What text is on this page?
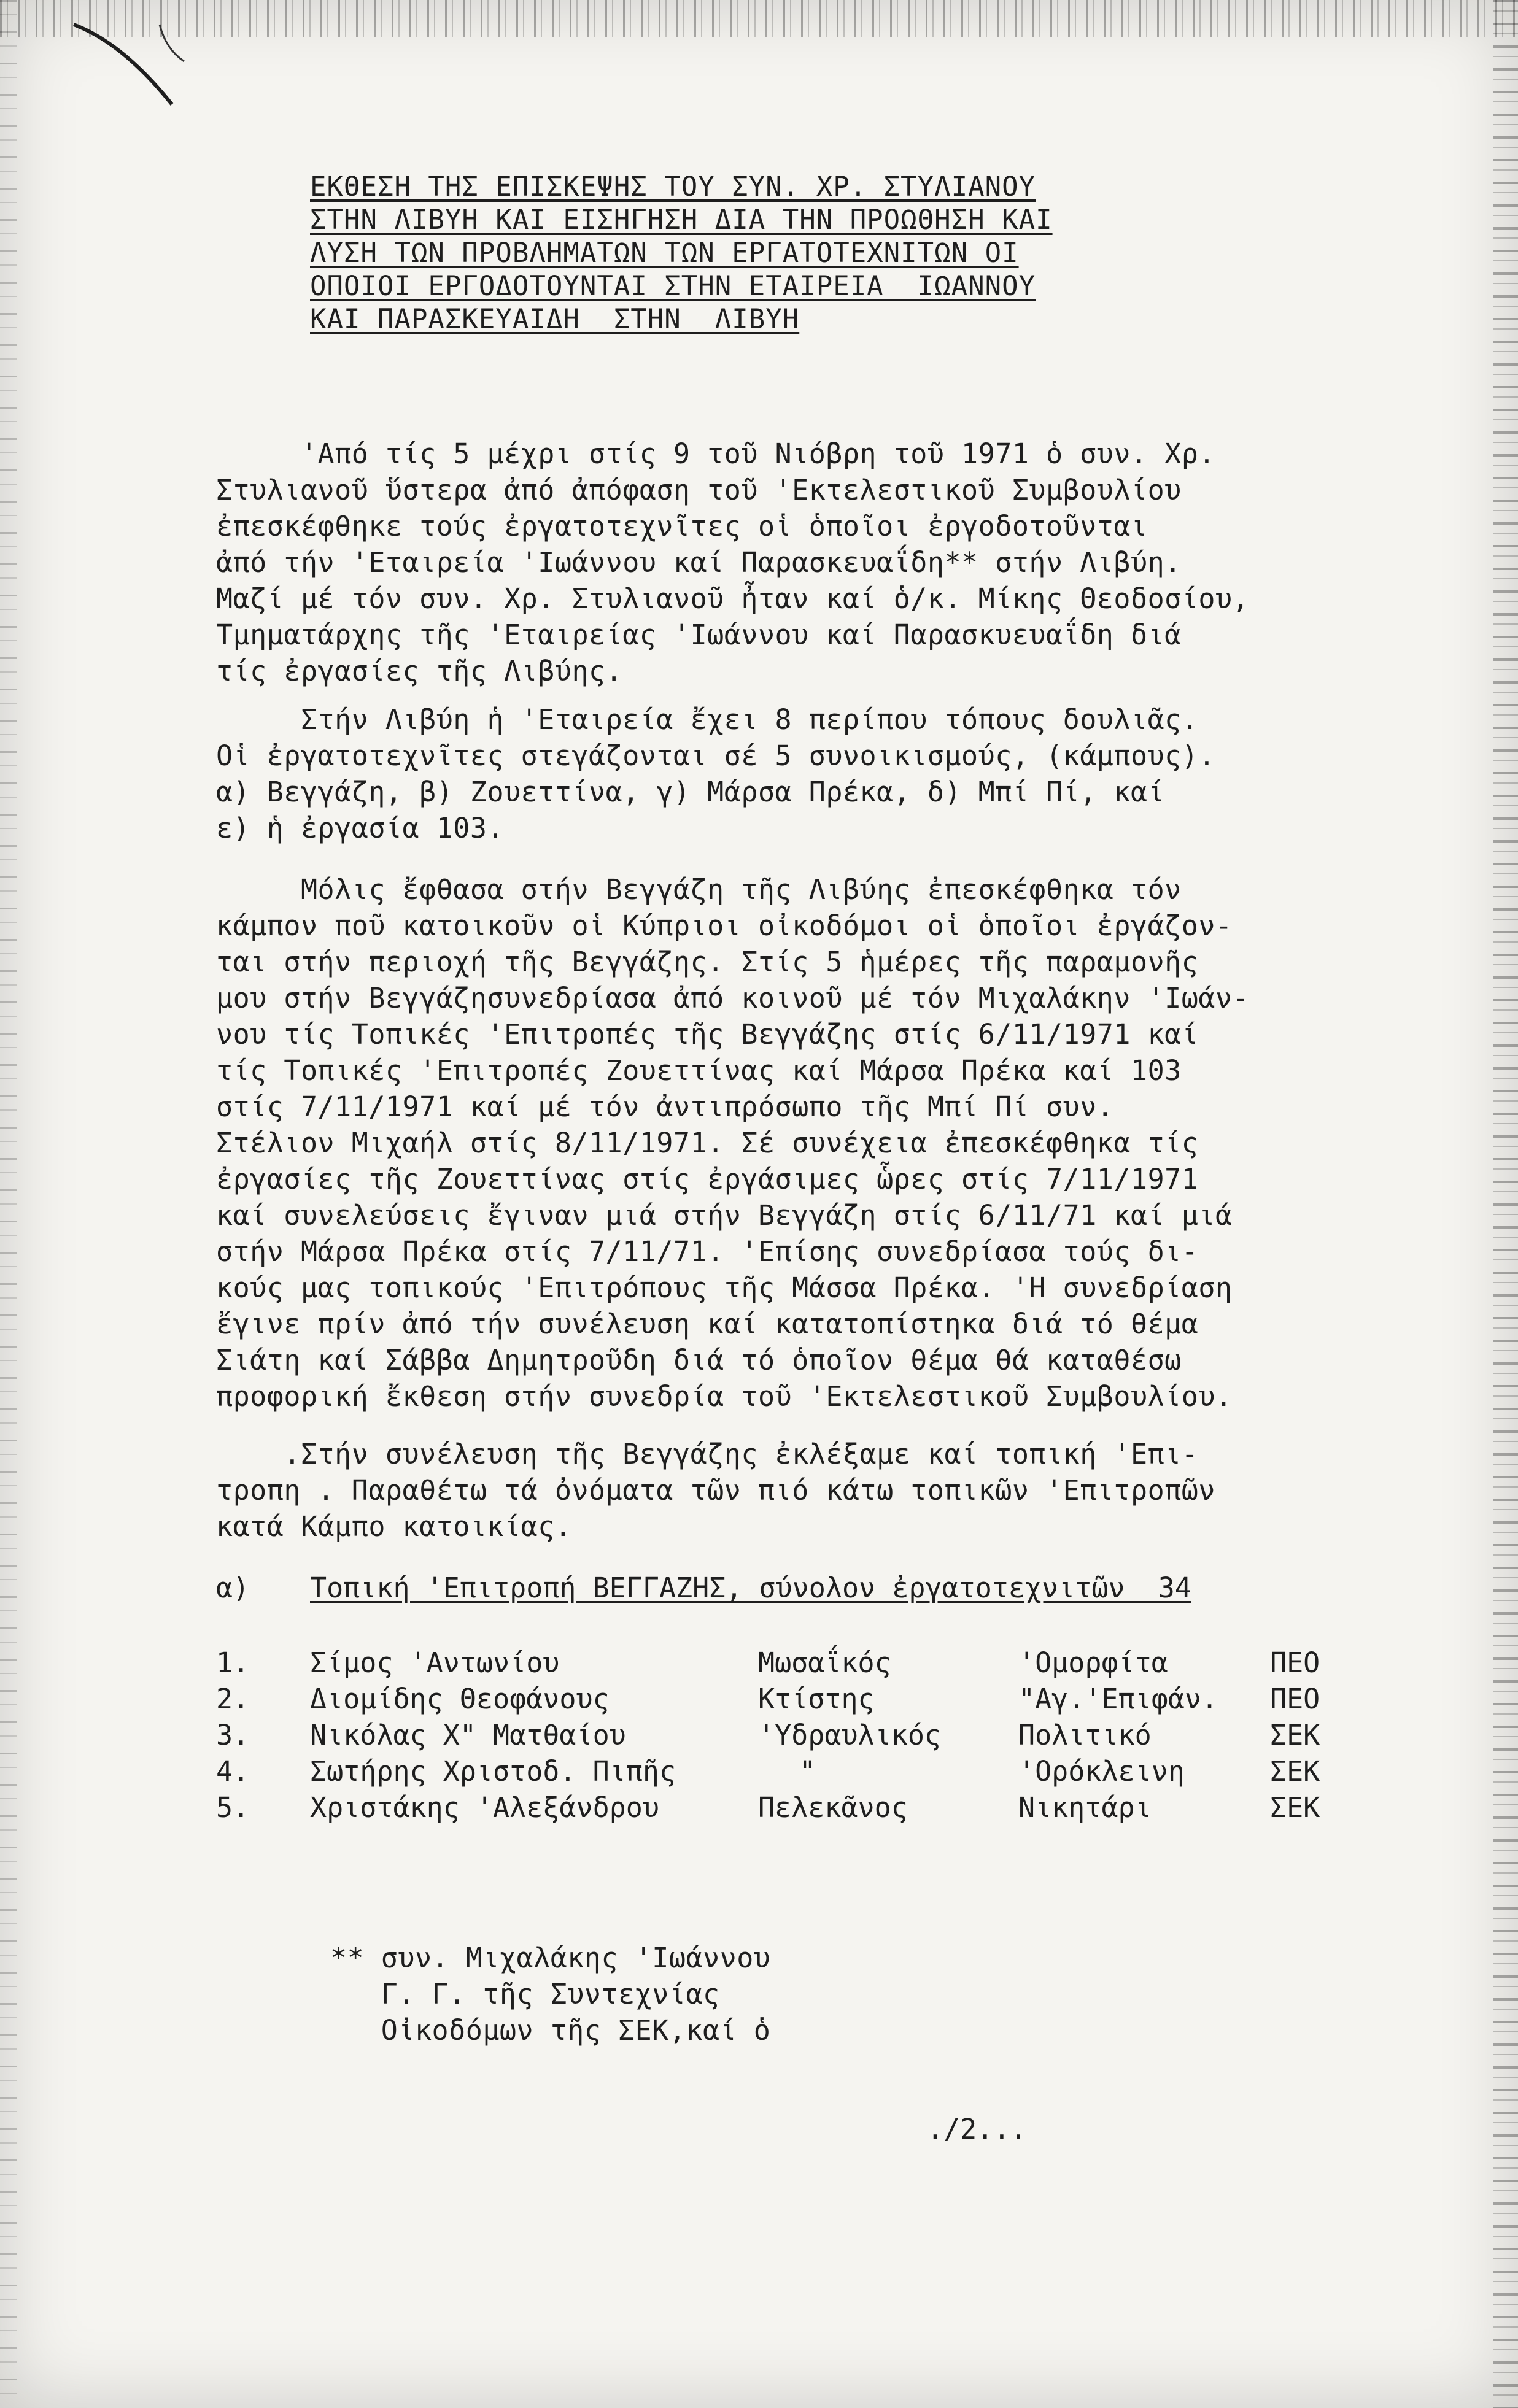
ΕΚΘΕΣΗ ΤΗΣ ΕΠΙΣΚΕΨΗΣ ΤΟΥ ΣΥΝ. ΧΡ. ΣΤΥΛΙΑΝΟΥ
ΣΤΗΝ ΛΙΒΥΗ ΚΑΙ ΕΙΣΗΓΗΣΗ ΔΙΑ ΤΗΝ ΠΡΟΩΘΗΣΗ ΚΑΙ
ΛΥΣΗ ΤΩΝ ΠΡΟΒΛΗΜΑΤΩΝ ΤΩΝ ΕΡΓΑΤΟΤΕΧΝΙΤΩΝ ΟΙ
ΟΠΟΙΟΙ ΕΡΓΟΔΟΤΟΥΝΤΑΙ ΣΤΗΝ ΕΤΑΙΡΕΙΑ  ΙΩΑΝΝΟΥ
ΚΑΙ ΠΑΡΑΣΚΕΥΑΙΔΗ  ΣΤΗΝ  ΛΙΒΥΗ
'Από τίς 5 μέχρι στίς 9 τοῦ Νιόβρη τοῦ 1971 ὁ συν. Χρ.
Στυλιανοῦ ὕστερα ἀπό ἀπόφαση τοῦ 'Εκτελεστικοῦ Συμβουλίου
ἐπεσκέφθηκε τούς ἐργατοτεχνῖτες οἱ ὁποῖοι ἐργοδοτοῦνται
ἀπό τήν 'Εταιρεία 'Ιωάννου καί Παρασκευαΐδη** στήν Λιβύη.
Μαζί μέ τόν συν. Χρ. Στυλιανοῦ ἦταν καί ὁ/κ. Μίκης Θεοδοσίου,
Τμηματάρχης τῆς 'Εταιρείας 'Ιωάννου καί Παρασκυευαΐδη διά
τίς ἐργασίες τῆς Λιβύης.
Στήν Λιβύη ἡ 'Εταιρεία ἔχει 8 περίπου τόπους δουλιᾶς.
Οἱ ἐργατοτεχνῖτες στεγάζονται σέ 5 συνοικισμούς, (κάμπους).
α) Βεγγάζη, β) Ζουεττίνα, γ) Μάρσα Πρέκα, δ) Μπί Πί, καί
ε) ἡ ἐργασία 103.
Μόλις ἔφθασα στήν Βεγγάζη τῆς Λιβύης ἐπεσκέφθηκα τόν
κάμπον ποῦ κατοικοῦν οἱ Κύπριοι οἰκοδόμοι οἱ ὁποῖοι ἐργάζον-
ται στήν περιοχή τῆς Βεγγάζης. Στίς 5 ἡμέρες τῆς παραμονῆς
μου στήν Βεγγάζησυνεδρίασα ἀπό κοινοῦ μέ τόν Μιχαλάκην 'Ιωάν-
νου τίς Τοπικές 'Επιτροπές τῆς Βεγγάζης στίς 6/11/1971 καί
τίς Τοπικές 'Επιτροπές Ζουεττίνας καί Μάρσα Πρέκα καί 103
στίς 7/11/1971 καί μέ τόν ἀντιπρόσωπο τῆς Μπί Πί συν.
Στέλιον Μιχαήλ στίς 8/11/1971. Σέ συνέχεια ἐπεσκέφθηκα τίς
ἐργασίες τῆς Ζουεττίνας στίς ἐργάσιμες ὧρες στίς 7/11/1971
καί συνελεύσεις ἔγιναν μιά στήν Βεγγάζη στίς 6/11/71 καί μιά
στήν Μάρσα Πρέκα στίς 7/11/71. 'Επίσης συνεδρίασα τούς δι-
κούς μας τοπικούς 'Επιτρόπους τῆς Μάσσα Πρέκα. 'Η συνεδρίαση
ἔγινε πρίν ἀπό τήν συνέλευση καί κατατοπίστηκα διά τό θέμα
Σιάτη καί Σάββα Δημητροῦδη διά τό ὁποῖον θέμα θά καταθέσω
προφορική ἔκθεση στήν συνεδρία τοῦ 'Εκτελεστικοῦ Συμβουλίου.
.Στήν συνέλευση τῆς Βεγγάζης ἐκλέξαμε καί τοπική 'Επι-
τροπη . Παραθέτω τά ὀνόματα τῶν πιό κάτω τοπικῶν 'Επιτροπῶν
κατά Κάμπο κατοικίας.
α) Τοπική 'Επιτροπή ΒΕΓΓΑΖΗΣ, σύνολον ἐργατοτεχνιτῶν  34
1. Σίμος 'Αντωνίου	Μωσαΐκός	'Ομορφίτα	ΠΕΟ
2. Διομίδης Θεοφάνους	Κτίστης	"Αγ.'Επιφάν. ΠΕΟ
3. Νικόλας Χ" Ματθαίου	'Υδραυλικός	Πολιτικό	ΣΕΚ
4. Σωτήρης Χριστοδ. Πιπῆς	"	'Ορόκλεινη	ΣΕΚ
5. Χριστάκης 'Αλεξάνδρου	Πελεκᾶνος	Νικητάρι	ΣΕΚ
** συν. Μιχαλάκης 'Ιωάννου
Γ. Γ. τῆς Συντεχνίας
Οἰκοδόμων τῆς ΣΕΚ,καί ὁ
./2...
